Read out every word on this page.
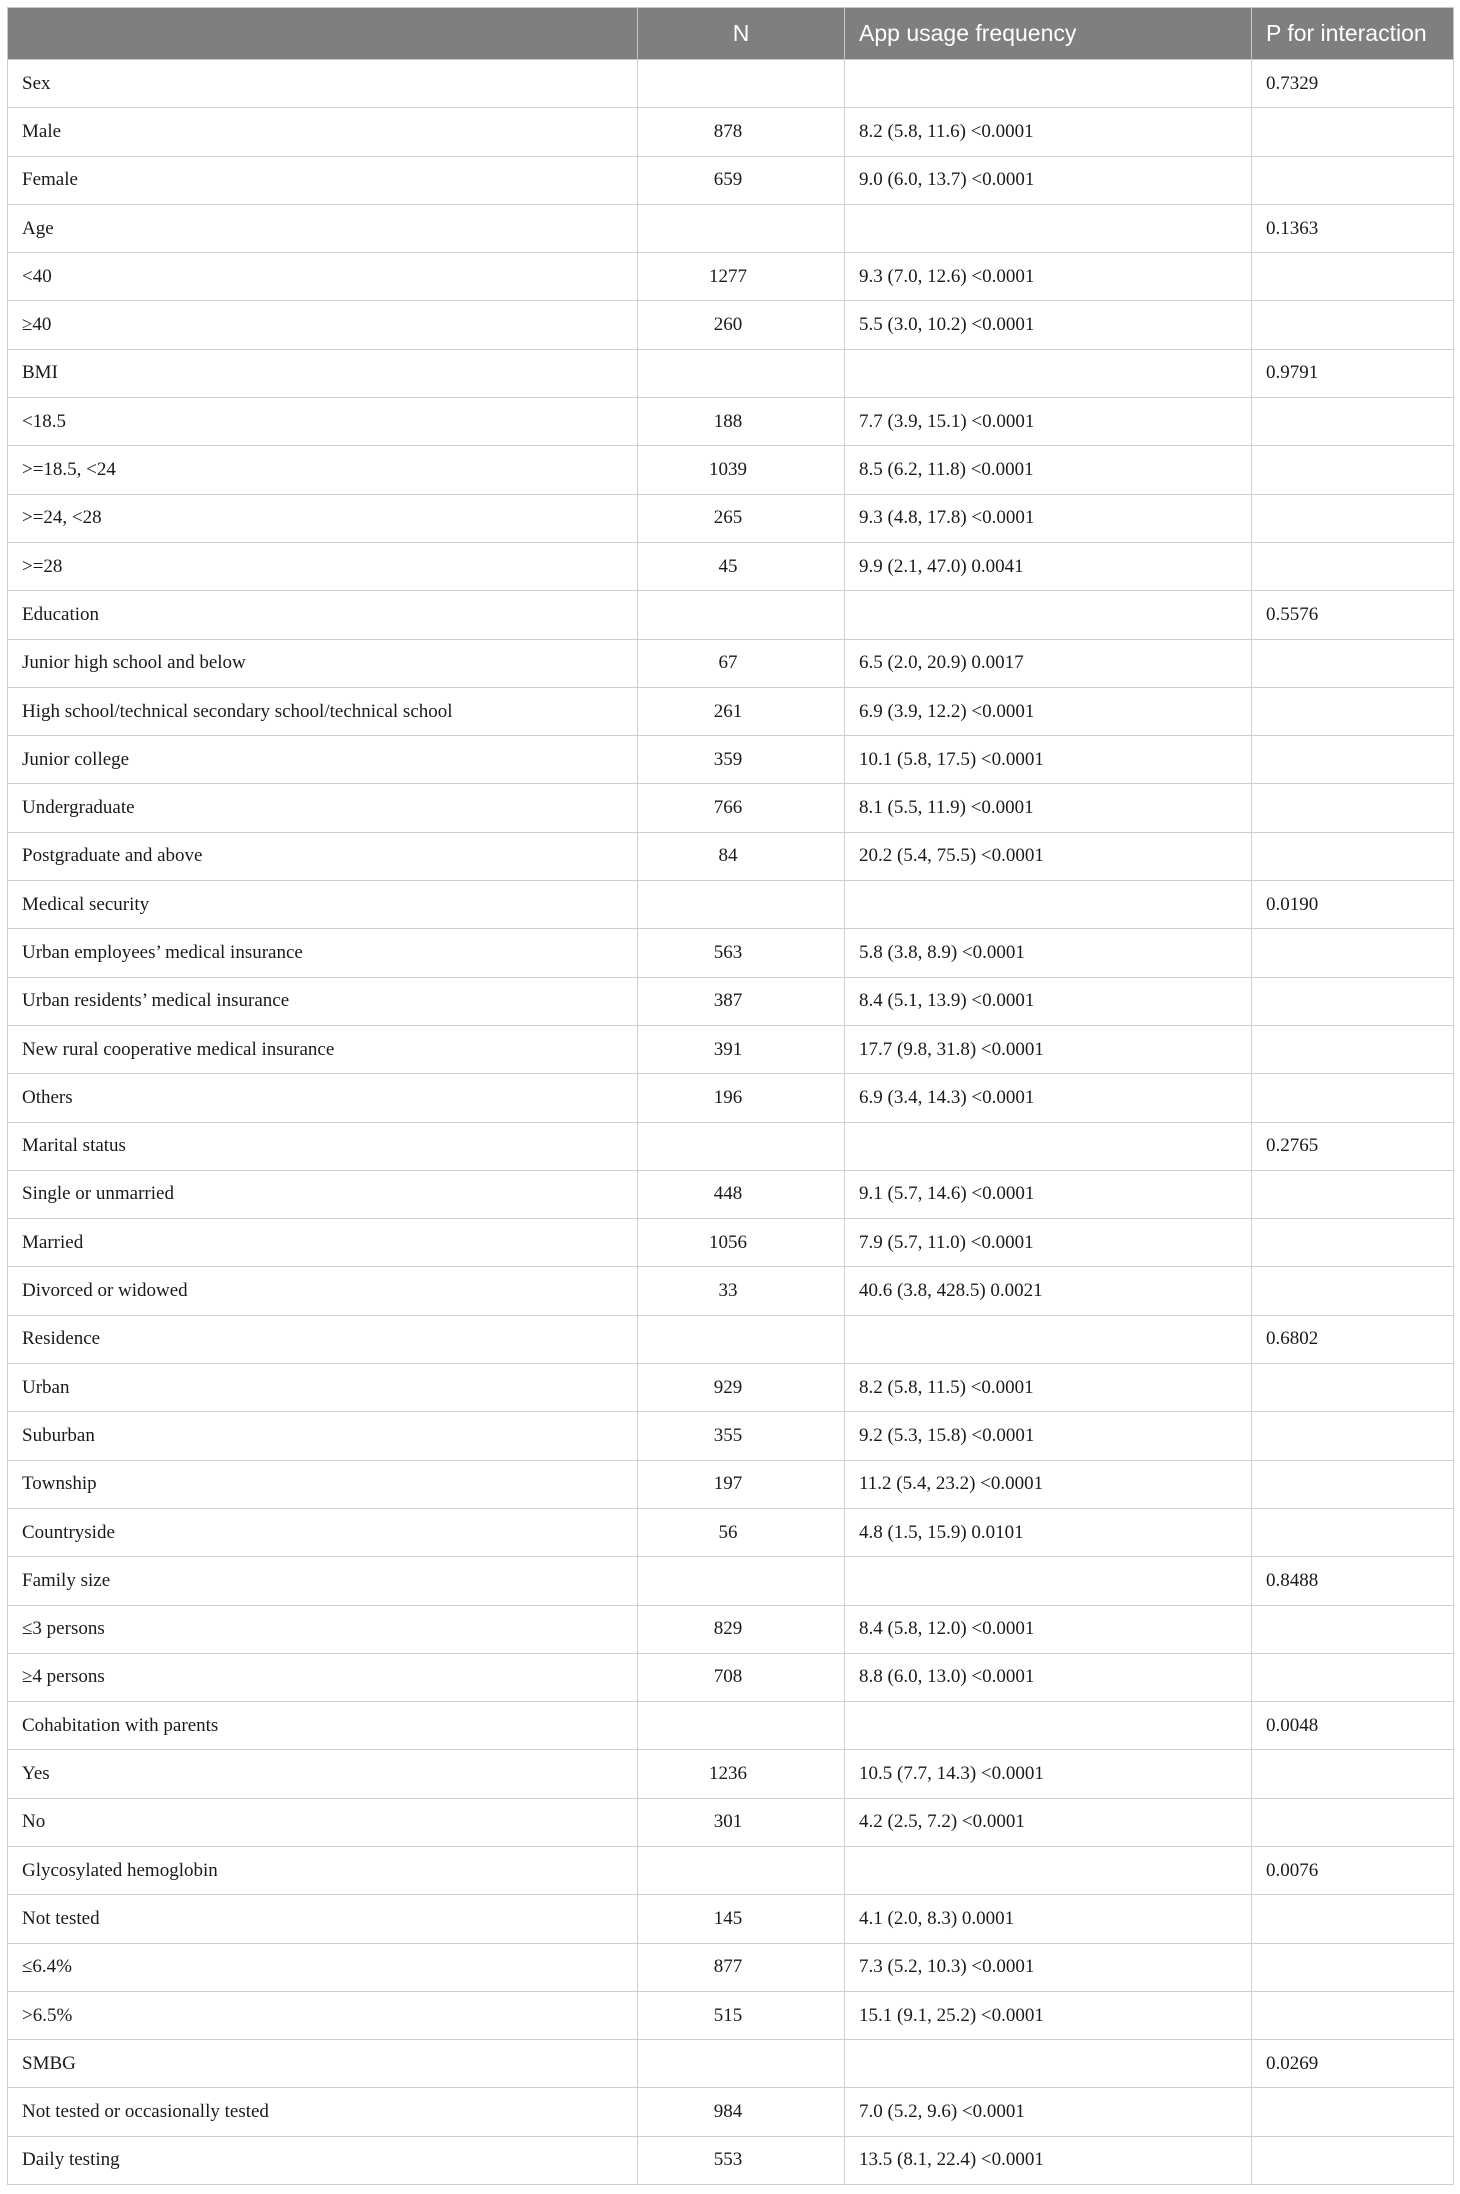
	N	App usage frequency	P for interaction
Sex			0.7329
Male	878	8.2 (5.8, 11.6) <0.0001	
Female	659	9.0 (6.0, 13.7) <0.0001	
Age			0.1363
<40	1277	9.3 (7.0, 12.6) <0.0001	
≥40	260	5.5 (3.0, 10.2) <0.0001	
BMI			0.9791
<18.5	188	7.7 (3.9, 15.1) <0.0001	
>=18.5, <24	1039	8.5 (6.2, 11.8) <0.0001	
>=24, <28	265	9.3 (4.8, 17.8) <0.0001	
>=28	45	9.9 (2.1, 47.0) 0.0041	
Education			0.5576
Junior high school and below	67	6.5 (2.0, 20.9) 0.0017	
High school/technical secondary school/technical school	261	6.9 (3.9, 12.2) <0.0001	
Junior college	359	10.1 (5.8, 17.5) <0.0001	
Undergraduate	766	8.1 (5.5, 11.9) <0.0001	
Postgraduate and above	84	20.2 (5.4, 75.5) <0.0001	
Medical security			0.0190
Urban employees’ medical insurance	563	5.8 (3.8, 8.9) <0.0001	
Urban residents’ medical insurance	387	8.4 (5.1, 13.9) <0.0001	
New rural cooperative medical insurance	391	17.7 (9.8, 31.8) <0.0001	
Others	196	6.9 (3.4, 14.3) <0.0001	
Marital status			0.2765
Single or unmarried	448	9.1 (5.7, 14.6) <0.0001	
Married	1056	7.9 (5.7, 11.0) <0.0001	
Divorced or widowed	33	40.6 (3.8, 428.5) 0.0021	
Residence			0.6802
Urban	929	8.2 (5.8, 11.5) <0.0001	
Suburban	355	9.2 (5.3, 15.8) <0.0001	
Township	197	11.2 (5.4, 23.2) <0.0001	
Countryside	56	4.8 (1.5, 15.9) 0.0101	
Family size			0.8488
≤3 persons	829	8.4 (5.8, 12.0) <0.0001	
≥4 persons	708	8.8 (6.0, 13.0) <0.0001	
Cohabitation with parents			0.0048
Yes	1236	10.5 (7.7, 14.3) <0.0001	
No	301	4.2 (2.5, 7.2) <0.0001	
Glycosylated hemoglobin			0.0076
Not tested	145	4.1 (2.0, 8.3) 0.0001	
≤6.4%	877	7.3 (5.2, 10.3) <0.0001	
>6.5%	515	15.1 (9.1, 25.2) <0.0001	
SMBG			0.0269
Not tested or occasionally tested	984	7.0 (5.2, 9.6) <0.0001	
Daily testing	553	13.5 (8.1, 22.4) <0.0001	
